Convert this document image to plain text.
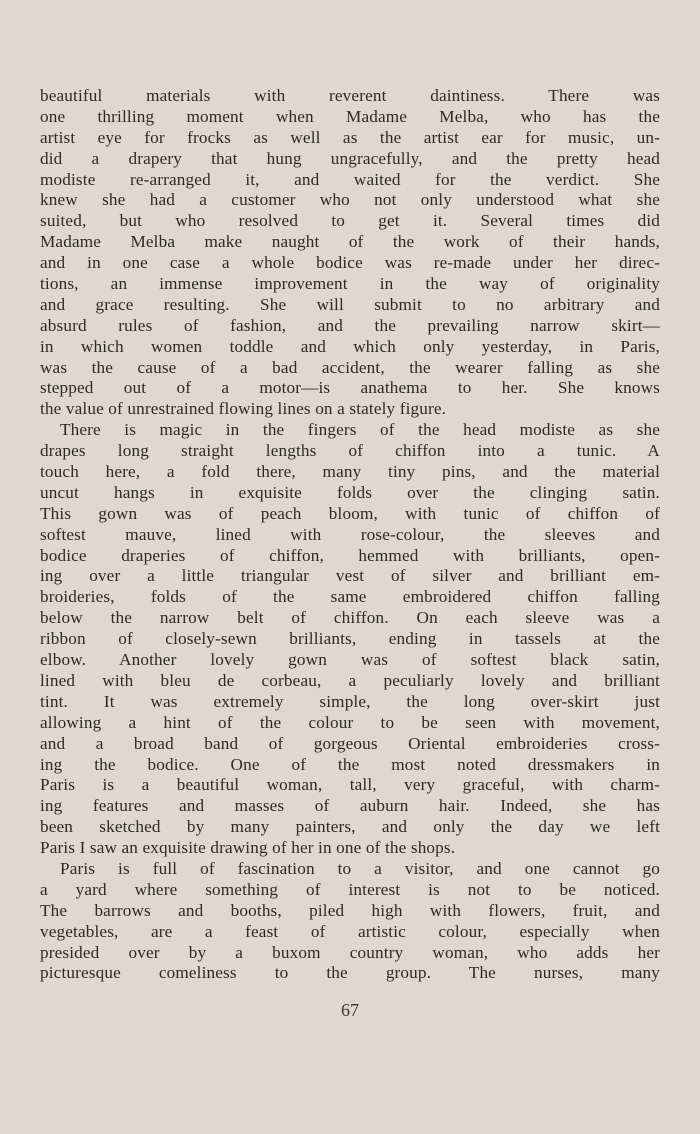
beautiful materials with reverent daintiness. There was
one thrilling moment when Madame Melba, who has the
artist eye for frocks as well as the artist ear for music, un-
did a drapery that hung ungracefully, and the pretty head
modiste re-arranged it, and waited for the verdict. She
knew she had a customer who not only understood what she
suited, but who resolved to get it. Several times did
Madame Melba make naught of the work of their hands,
and in one case a whole bodice was re-made under her direc-
tions, an immense improvement in the way of originality
and grace resulting. She will submit to no arbitrary and
absurd rules of fashion, and the prevailing narrow skirt—
in which women toddle and which only yesterday, in Paris,
was the cause of a bad accident, the wearer falling as she
stepped out of a motor—is anathema to her. She knows
the value of unrestrained flowing lines on a stately figure.
There is magic in the fingers of the head modiste as she
drapes long straight lengths of chiffon into a tunic. A
touch here, a fold there, many tiny pins, and the material
uncut hangs in exquisite folds over the clinging satin.
This gown was of peach bloom, with tunic of chiffon of
softest mauve, lined with rose-colour, the sleeves and
bodice draperies of chiffon, hemmed with brilliants, open-
ing over a little triangular vest of silver and brilliant em-
broideries, folds of the same embroidered chiffon falling
below the narrow belt of chiffon. On each sleeve was a
ribbon of closely-sewn brilliants, ending in tassels at the
elbow. Another lovely gown was of softest black satin,
lined with bleu de corbeau, a peculiarly lovely and brilliant
tint. It was extremely simple, the long over-skirt just
allowing a hint of the colour to be seen with movement,
and a broad band of gorgeous Oriental embroideries cross-
ing the bodice. One of the most noted dressmakers in
Paris is a beautiful woman, tall, very graceful, with charm-
ing features and masses of auburn hair. Indeed, she has
been sketched by many painters, and only the day we left
Paris I saw an exquisite drawing of her in one of the shops.
Paris is full of fascination to a visitor, and one cannot go
a yard where something of interest is not to be noticed.
The barrows and booths, piled high with flowers, fruit, and
vegetables, are a feast of artistic colour, especially when
presided over by a buxom country woman, who adds her
picturesque comeliness to the group. The nurses, many
67
